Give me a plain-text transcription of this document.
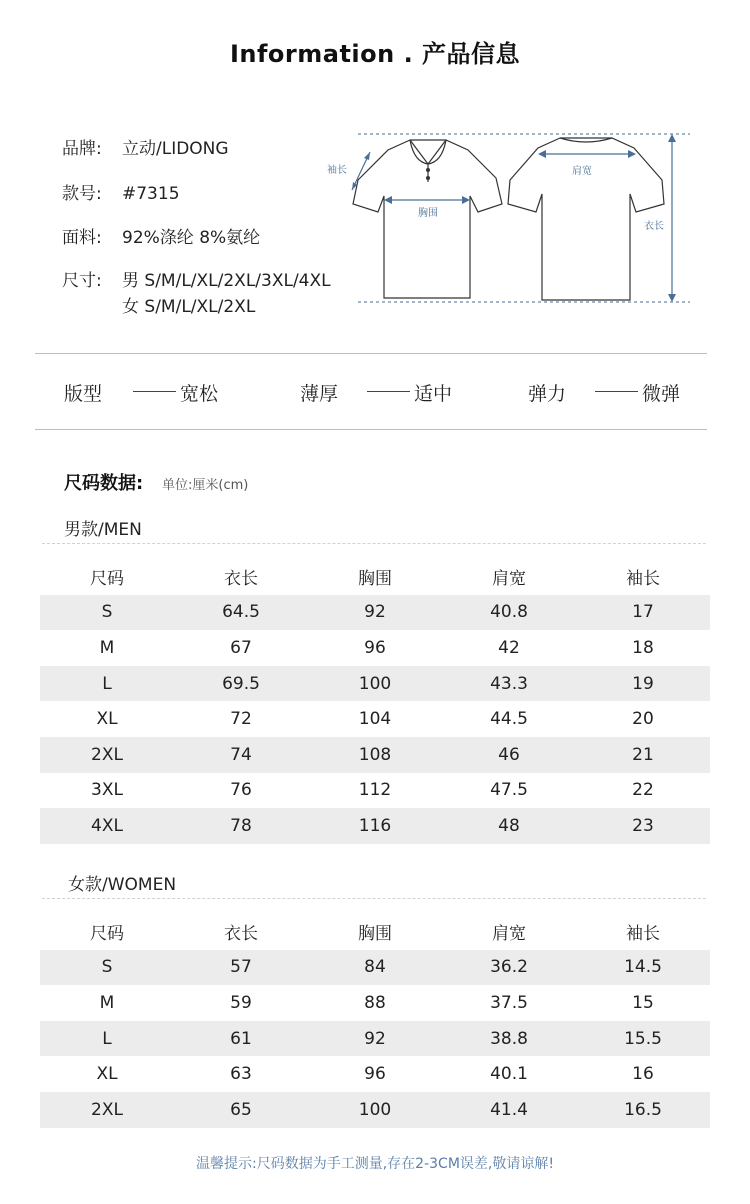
Information . 产品信息
品牌: 立动/LIDONG
款号: #7315
面料: 92%涤纶 8%氨纶
尺寸: 男 S/M/L/XL/2XL/3XL/4XL
女 S/M/L/XL/2XL
袖长
胸围
肩宽
衣长
版型	宽松	薄厚	适中	弹力	微弹
尺码数据: 单位:厘米(cm)
男款/MEN
尺码	衣长	胸围	肩宽	袖长
S	64.5	92	40.8	17
M	67	96	42	18
L	69.5	100	43.3	19
XL	72	104	44.5	20
2XL	74	108	46	21
3XL	76	112	47.5	22
4XL	78	116	48	23
女款/WOMEN
尺码	衣长	胸围	肩宽	袖长
S	57	84	36.2	14.5
M	59	88	37.5	15
L	61	92	38.8	15.5
XL	63	96	40.1	16
2XL	65	100	41.4	16.5
温馨提示:尺码数据为手工测量,存在2-3CM误差,敬请谅解!
